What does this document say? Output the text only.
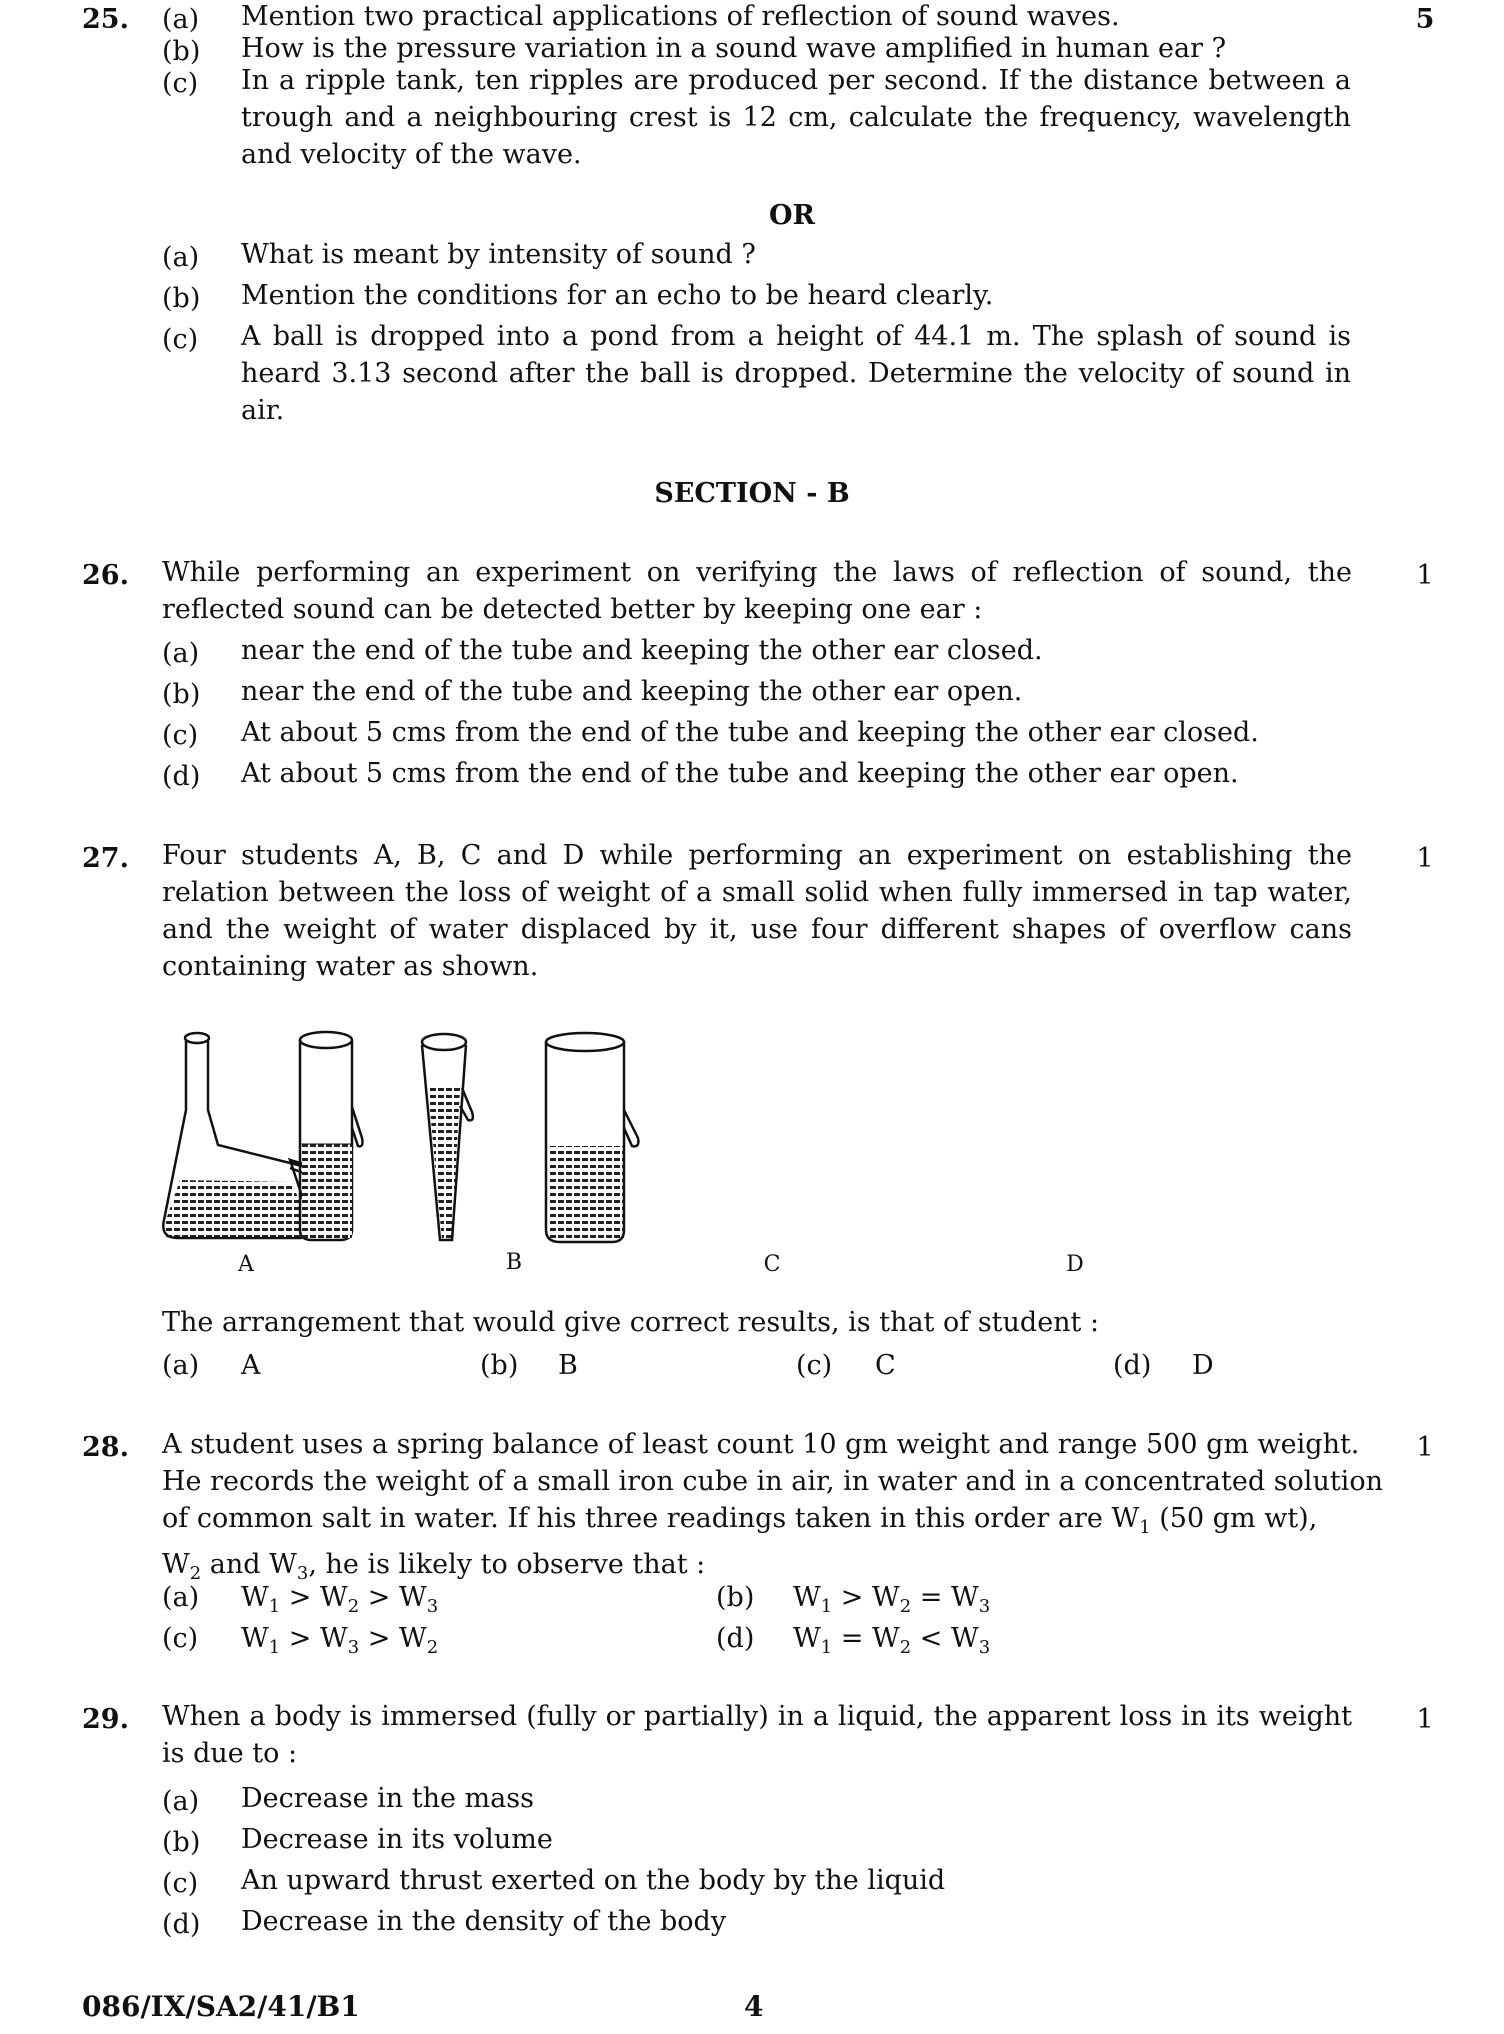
25.	5
(a) Mention two practical applications of reflection of sound waves.
(b) How is the pressure variation in a sound wave amplified in human ear ?
(c) In a ripple tank, ten ripples are produced per second. If the distance between a trough and a neighbouring crest is 12 cm, calculate the frequency, wavelength and velocity of the wave.
OR
(a) What is meant by intensity of sound ?
(b) Mention the conditions for an echo to be heard clearly.
(c) A ball is dropped into a pond from a height of 44.1 m. The splash of sound is heard 3.13 second after the ball is dropped. Determine the velocity of sound in air.
SECTION - B
26.	1
While performing an experiment on verifying the laws of reflection of sound, the reflected sound can be detected better by keeping one ear :
(a) near the end of the tube and keeping the other ear closed.
(b) near the end of the tube and keeping the other ear open.
(c) At about 5 cms from the end of the tube and keeping the other ear closed.
(d) At about 5 cms from the end of the tube and keeping the other ear open.
27.	1
Four students A, B, C and D while performing an experiment on establishing the relation between the loss of weight of a small solid when fully immersed in tap water, and the weight of water displaced by it, use four different shapes of overflow cans containing water as shown.
A	B	C	D
The arrangement that would give correct results, is that of student :
(a) A	(b) B	(c) C	(d) D
28.	1
A student uses a spring balance of least count 10 gm weight and range 500 gm weight.
He records the weight of a small iron cube in air, in water and in a concentrated solution
of common salt in water. If his three readings taken in this order are $W_1$ (50 gm wt),
$W_2$ and $W_3$, he is likely to observe that :
(a) $W_1 > W_2 > W_3$	(b) $W_1 > W_2 = W_3$
(c) $W_1 > W_3 > W_2$	(d) $W_1 = W_2 < W_3$
29.	1
When a body is immersed (fully or partially) in a liquid, the apparent loss in its weight is due to :
(a) Decrease in the mass
(b) Decrease in its volume
(c) An upward thrust exerted on the body by the liquid
(d) Decrease in the density of the body
086/IX/SA2/41/B1	4
